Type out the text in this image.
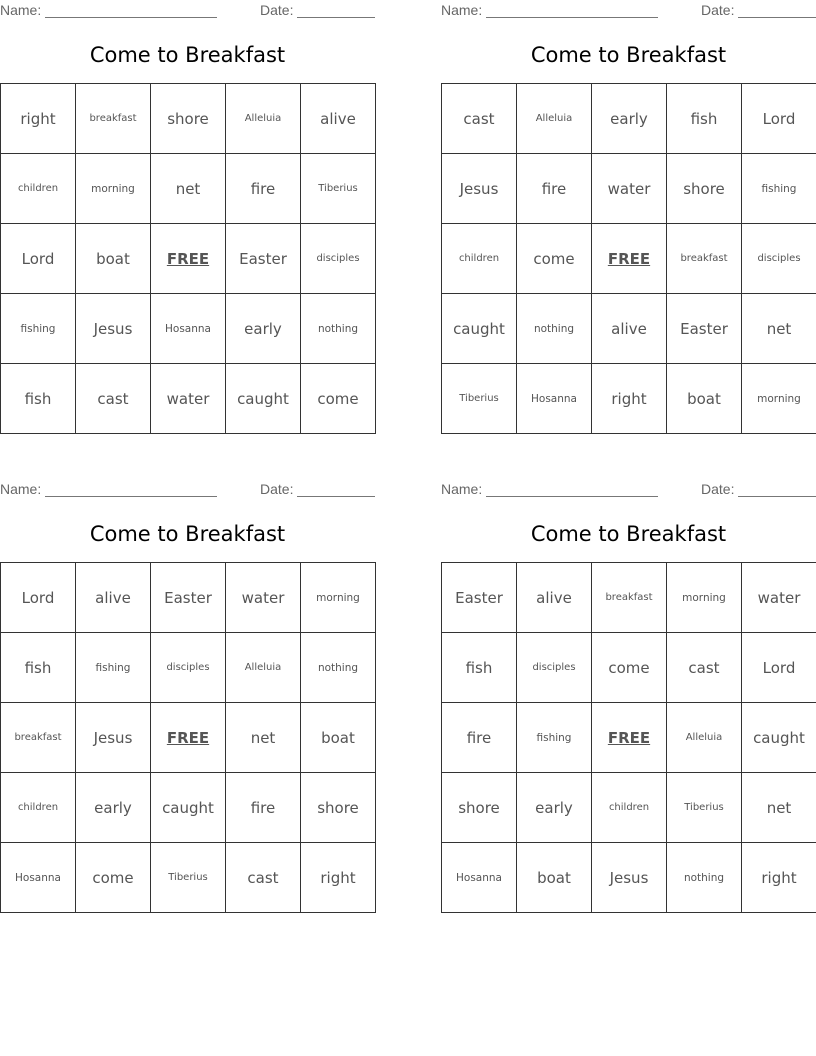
Name:	Date:
Come to Breakfast
right	breakfast	shore	Alleluia	alive
children	morning	net	fire	Tiberius
Lord	boat	FREE	Easter	disciples
fishing	Jesus	Hosanna	early	nothing
fish	cast	water	caught	come
Name:	Date:
Come to Breakfast
cast	Alleluia	early	fish	Lord
Jesus	fire	water	shore	fishing
children	come	FREE	breakfast	disciples
caught	nothing	alive	Easter	net
Tiberius	Hosanna	right	boat	morning
Name:	Date:
Come to Breakfast
Lord	alive	Easter	water	morning
fish	fishing	disciples	Alleluia	nothing
breakfast	Jesus	FREE	net	boat
children	early	caught	fire	shore
Hosanna	come	Tiberius	cast	right
Name:	Date:
Come to Breakfast
Easter	alive	breakfast	morning	water
fish	disciples	come	cast	Lord
fire	fishing	FREE	Alleluia	caught
shore	early	children	Tiberius	net
Hosanna	boat	Jesus	nothing	right
